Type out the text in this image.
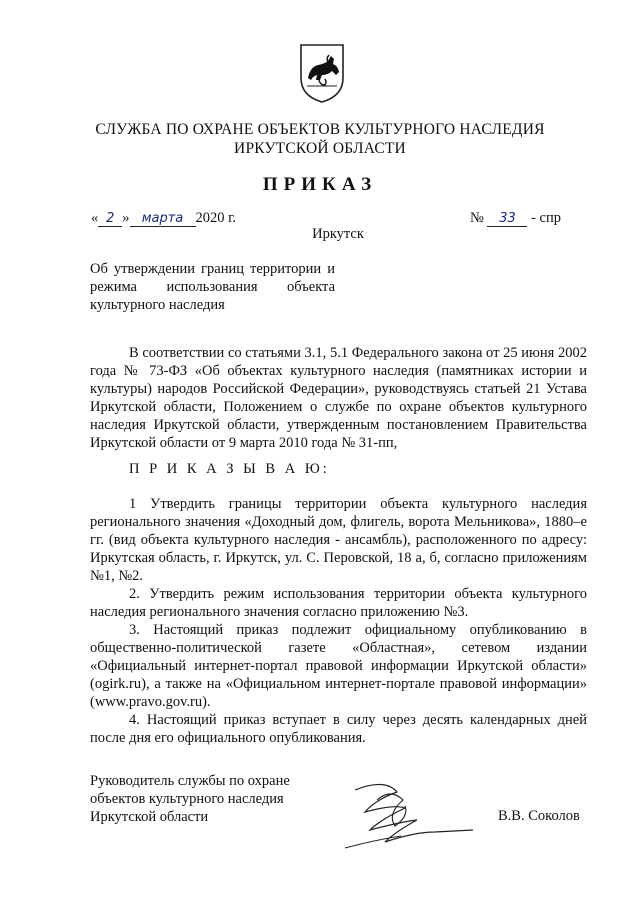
СЛУЖБА ПО ОХРАНЕ ОБЪЕКТОВ КУЛЬТУРНОГО НАСЛЕДИЯ
ИРКУТСКОЙ ОБЛАСТИ
ПРИКАЗ
« 2 » марта 2020 г.	№ 33 - спр
Иркутск
Об утверждении границ территории и
режима использования объекта
культурного наследия
В соответствии со статьями 3.1, 5.1 Федерального закона от 25 июня 2002 года № 73-ФЗ «Об объектах культурного наследия (памятниках истории и культуры) народов Российской Федерации», руководствуясь статьей 21 Устава Иркутской области, Положением о службе по охране объектов культурного наследия Иркутской области, утвержденным постановлением Правительства Иркутской области от 9 марта 2010 года № 31-пп,
П Р И К А З Ы В А Ю:
1 Утвердить границы территории объекта культурного наследия регионального значения «Доходный дом, флигель, ворота Мельникова», 1880–е гг. (вид объекта культурного наследия - ансамбль), расположенного по адресу: Иркутская область, г. Иркутск, ул. С. Перовской, 18 а, б, согласно приложениям №1, №2.
2. Утвердить режим использования территории объекта культурного наследия регионального значения согласно приложению №3.
3. Настоящий приказ подлежит официальному опубликованию в общественно-политической газете «Областная», сетевом издании «Официальный интернет-портал правовой информации Иркутской области» (ogirk.ru), а также на «Официальном интернет-портале правовой информации» (www.pravo.gov.ru).
4. Настоящий приказ вступает в силу через десять календарных дней после дня его официального опубликования.
Руководитель службы по охране
объектов культурного наследия
Иркутской области	В.В. Соколов
